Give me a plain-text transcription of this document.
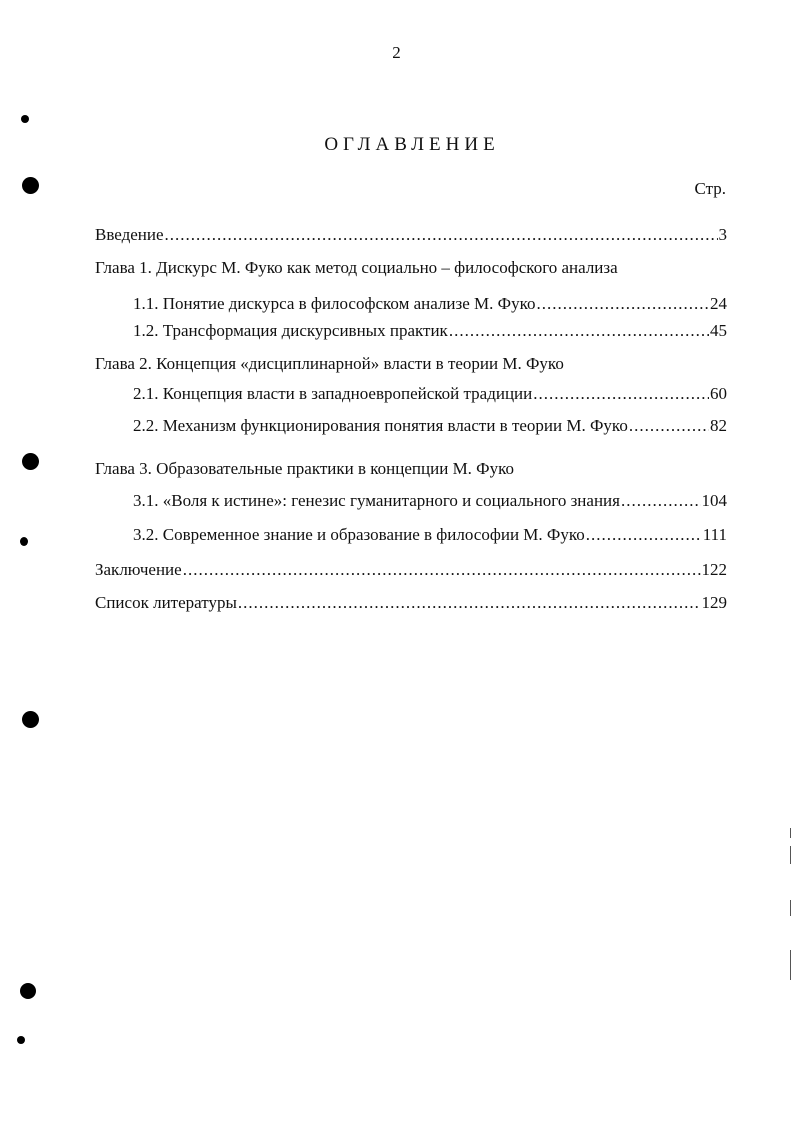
2
ОГЛАВЛЕНИЕ
Стр.
Введение .....	3
Глава 1. Дискурс М. Фуко как метод социально – философского анализа
1.1. Понятие дискурса в философском анализе М. Фуко .....	24
1.2. Трансформация дискурсивных практик .....	45
Глава 2. Концепция «дисциплинарной» власти в теории М. Фуко
2.1. Концепция власти в западноевропейской традиции .....	60
2.2. Механизм функционирования понятия власти в теории М. Фуко .....	82
Глава 3. Образовательные практики в концепции М. Фуко
3.1. «Воля к истине»: генезис гуманитарного и социального знания .....	104
3.2. Современное знание и образование в философии М. Фуко .....	111
Заключение .....	122
Список литературы .....	129
